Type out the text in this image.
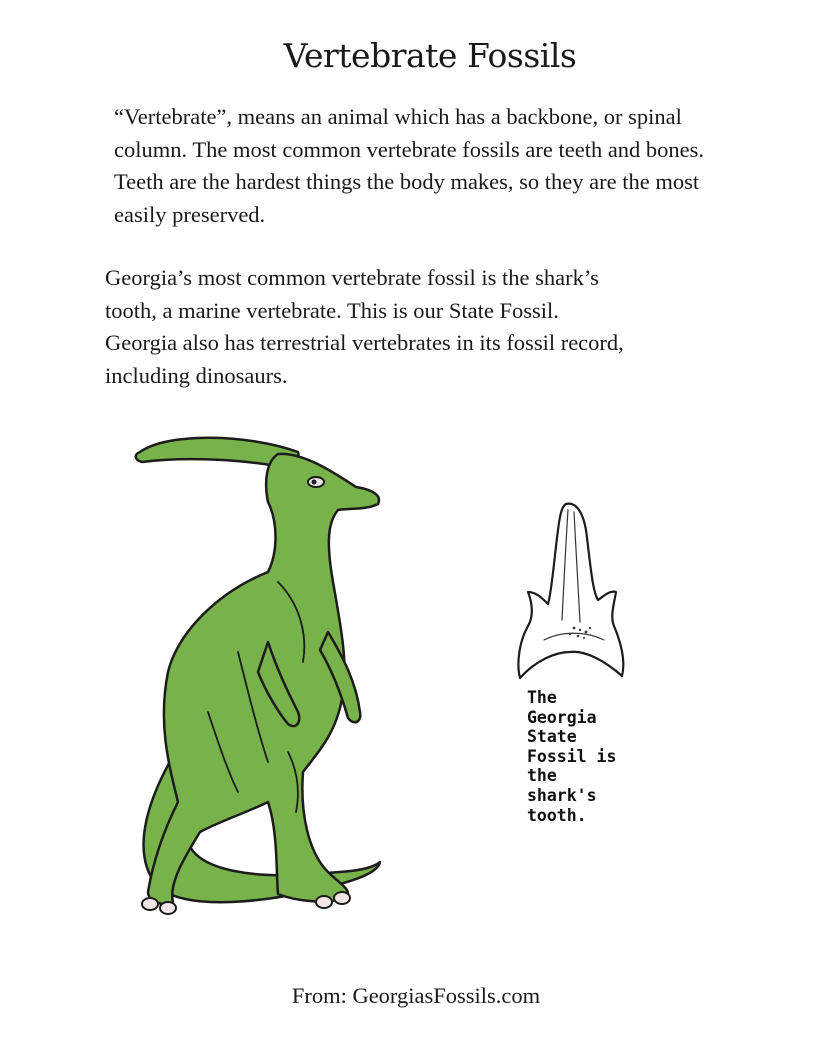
Vertebrate Fossils

“Vertebrate”, means an animal which has a backbone, or spinal column. The most common vertebrate fossils are teeth and bones. Teeth are the hardest things the body makes, so they are the most easily preserved.

Georgia’s most common vertebrate fossil is the shark’s tooth, a marine vertebrate. This is our State Fossil. Georgia also has terrestrial vertebrates in its fossil record, including dinosaurs.

The
Georgia
State
Fossil is
the
shark's
tooth.

From: GeorgiasFossils.com
